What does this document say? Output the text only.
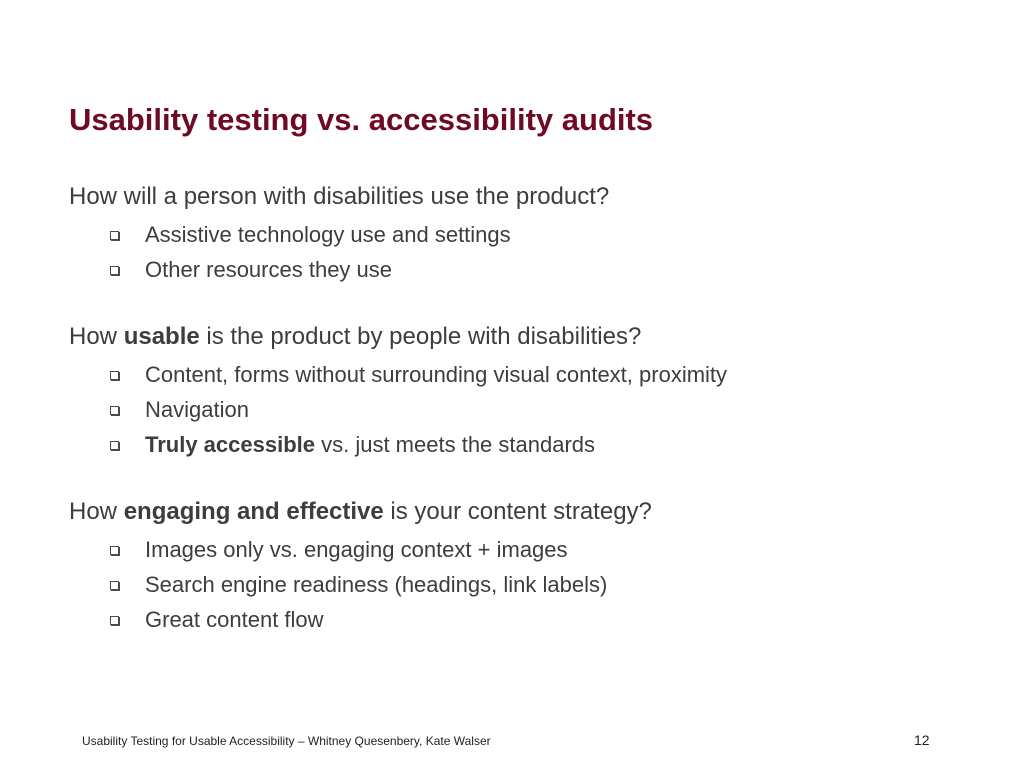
Usability testing vs. accessibility audits

How will a person with disabilities use the product?

Assistive technology use and settings
Other resources they use

How usable is the product by people with disabilities?

Content, forms without surrounding visual context, proximity
Navigation
Truly accessible vs. just meets the standards

How engaging and effective is your content strategy?

Images only vs. engaging context + images
Search engine readiness (headings, link labels)
Great content flow
Usability Testing for Usable Accessibility – Whitney Quesenbery, Kate Walser	12
